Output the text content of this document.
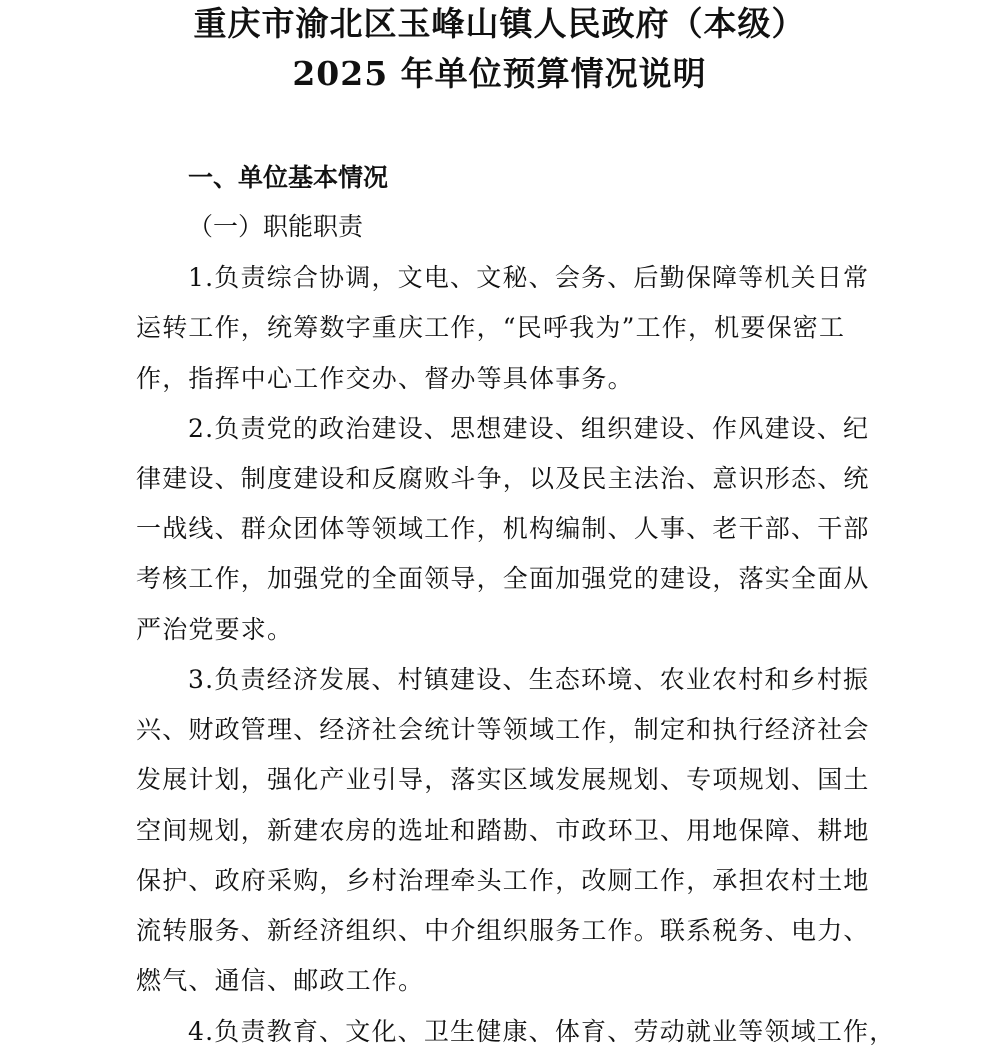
重庆市渝北区玉峰山镇人民政府（本级）
2025 年单位预算情况说明
一、单位基本情况
（一）职能职责
1.负责综合协调，文电、文秘、会务、后勤保障等机关日常
运转工作，统筹数字重庆工作，“民呼我为”工作，机要保密工
作，指挥中心工作交办、督办等具体事务。
2.负责党的政治建设、思想建设、组织建设、作风建设、纪
律建设、制度建设和反腐败斗争，以及民主法治、意识形态、统
一战线、群众团体等领域工作，机构编制、人事、老干部、干部
考核工作，加强党的全面领导，全面加强党的建设，落实全面从
严治党要求。
3.负责经济发展、村镇建设、生态环境、农业农村和乡村振
兴、财政管理、经济社会统计等领域工作，制定和执行经济社会
发展计划，强化产业引导，落实区域发展规划、专项规划、国土
空间规划，新建农房的选址和踏勘、市政环卫、用地保障、耕地
保护、政府采购，乡村治理牵头工作，改厕工作，承担农村土地
流转服务、新经济组织、中介组织服务工作。联系税务、电力、
燃气、通信、邮政工作。
4.负责教育、文化、卫生健康、体育、劳动就业等领域工作，
